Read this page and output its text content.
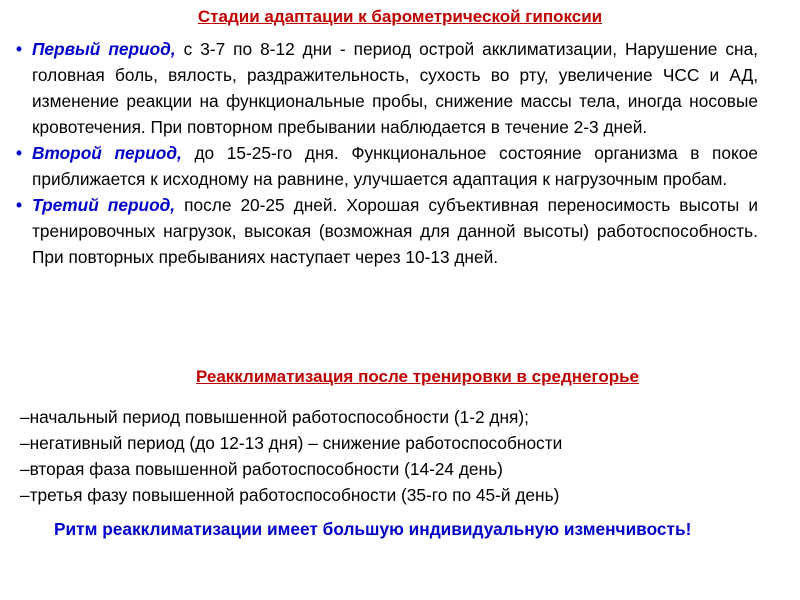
Стадии адаптации к барометрической гипоксии
• Первый период, с 3-7 по 8-12 дни - период острой акклиматизации, Нарушение сна, головная боль, вялость, раздражительность, сухость во рту, увеличение ЧСС и АД, изменение реакции на функциональные пробы, снижение массы тела, иногда носовые кровотечения. При повторном пребывании наблюдается в течение 2-3 дней.
• Второй период, до 15-25-го дня. Функциональное состояние организма в покое приближается к исходному на равнине, улучшается адаптация к нагрузочным пробам.
• Третий период, после 20-25 дней. Хорошая субъективная переносимость высоты и тренировочных нагрузок, высокая (возможная для данной высоты) работоспособность. При повторных пребываниях наступает через 10-13 дней.
Реакклиматизация после тренировки в среднегорье
–начальный период повышенной работоспособности (1-2 дня);
–негативный период (до 12-13 дня) – снижение работоспособности
–вторая фаза повышенной работоспособности (14-24 день)
–третья фазу повышенной работоспособности (35-го по 45-й день)
Ритм реакклиматизации имеет большую индивидуальную изменчивость!
